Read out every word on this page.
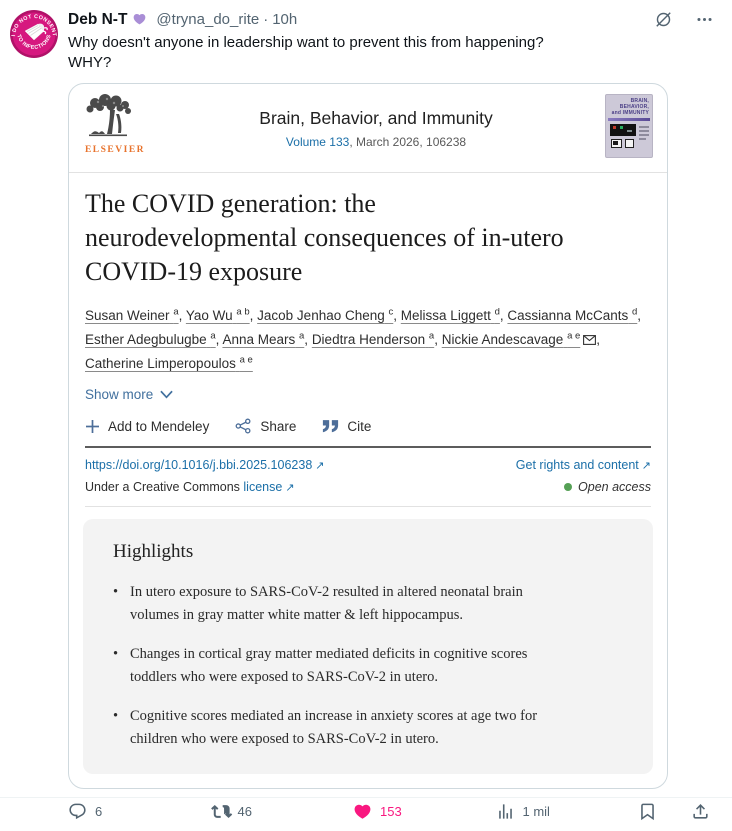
I DO NOT CONSENT
TO INFECTIONS
Deb N-T @tryna_do_rite · 10h
Why doesn't anyone in leadership want to prevent this from happening?
WHY?
ELSEVIER
Brain, Behavior, and Immunity
Volume 133, March 2026, 106238
BRAIN,
BEHAVIOR,
and IMMUNITY
The COVID generation: the neurodevelopmental consequences of in-utero COVID-19 exposure
Susan Weiner $^a$, Yao Wu $^{a b}$, Jacob Jenhao Cheng $^c$, Melissa Liggett $^d$, Cassianna McCants $^d$, Esther Adegbulugbe $^a$, Anna Mears $^a$, Diedtra Henderson $^a$, Nickie Andescavage $^{a e}$ , Catherine Limperopoulos $^{a e}$
Show more
Add to Mendeley	Share	Cite
https://doi.org/10.1016/j.bbi.2025.106238 ↗	Get rights and content ↗
Under a Creative Commons license ↗	Open access
Highlights
• In utero exposure to SARS-CoV-2 resulted in altered neonatal brain volumes in gray matter white matter & left hippocampus.
• Changes in cortical gray matter mediated deficits in cognitive scores toddlers who were exposed to SARS-CoV-2 in utero.
• Cognitive scores mediated an increase in anxiety scores at age two for children who were exposed to SARS-CoV-2 in utero.
6	46	153	1 mil
